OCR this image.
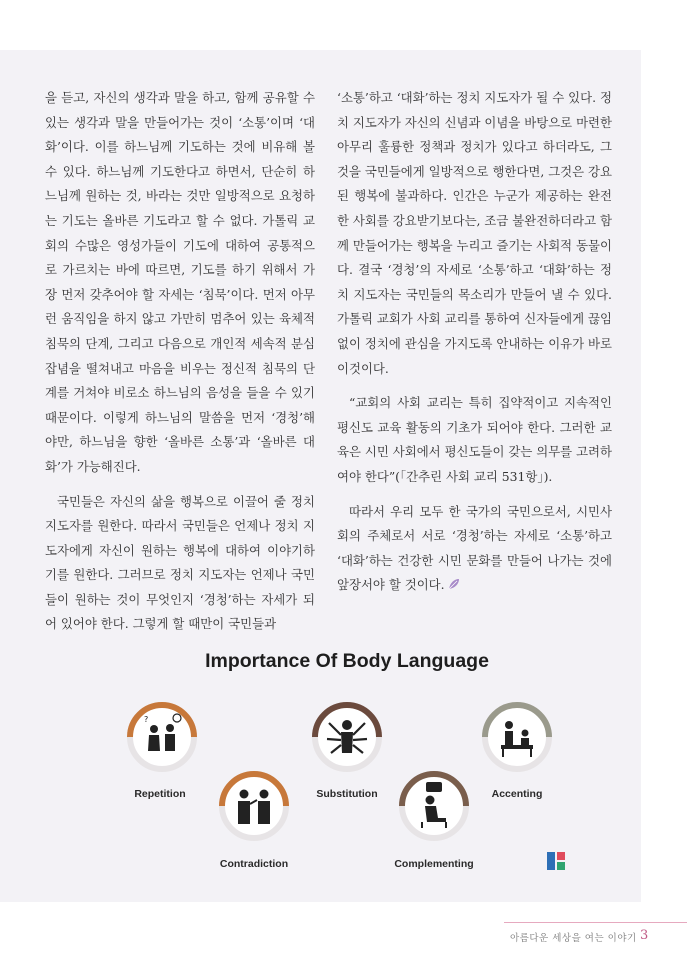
을 듣고, 자신의 생각과 말을 하고, 함께 공유할 수 있는 생각과 말을 만들어가는 것이 ‘소통’이며 ‘대화’이다. 이를 하느님께 기도하는 것에 비유해 볼 수 있다. 하느님께 기도한다고 하면서, 단순히 하느님께 원하는 것, 바라는 것만 일방적으로 요청하는 기도는 올바른 기도라고 할 수 없다. 가톨릭 교회의 수많은 영성가들이 기도에 대하여 공통적으로 가르치는 바에 따르면, 기도를 하기 위해서 가장 먼저 갖추어야 할 자세는 ‘침묵’이다. 먼저 아무런 움직임을 하지 않고 가만히 멈추어 있는 육체적 침묵의 단계, 그리고 다음으로 개인적 세속적 분심 잡념을 떨쳐내고 마음을 비우는 정신적 침묵의 단계를 거쳐야 비로소 하느님의 음성을 들을 수 있기 때문이다. 이렇게 하느님의 말씀을 먼저 ‘경청’해야만, 하느님을 향한 ‘올바른 소통’과 ‘올바른 대화’가 가능해진다.

국민들은 자신의 삶을 행복으로 이끌어 줄 정치 지도자를 원한다. 따라서 국민들은 언제나 정치 지도자에게 자신이 원하는 행복에 대하여 이야기하기를 원한다. 그러므로 정치 지도자는 언제나 국민들이 원하는 것이 무엇인지 ‘경청’하는 자세가 되어 있어야 한다. 그렇게 할 때만이 국민들과

‘소통’하고 ‘대화’하는 정치 지도자가 될 수 있다. 정치 지도자가 자신의 신념과 이념을 바탕으로 마련한 아무리 훌륭한 정책과 정치가 있다고 하더라도, 그것을 국민들에게 일방적으로 행한다면, 그것은 강요된 행복에 불과하다. 인간은 누군가 제공하는 완전한 사회를 강요받기보다는, 조금 불완전하더라고 함께 만들어가는 행복을 누리고 즐기는 사회적 동물이다. 결국 ‘경청’의 자세로 ‘소통’하고 ‘대화’하는 정치 지도자는 국민들의 목소리가 만들어 낼 수 있다. 가톨릭 교회가 사회 교리를 통하여 신자들에게 끊임없이 정치에 관심을 가지도록 안내하는 이유가 바로 이것이다.

“교회의 사회 교리는 특히 집약적이고 지속적인 평신도 교육 활동의 기초가 되어야 한다. 그러한 교육은 시민 사회에서 평신도들이 갖는 의무를 고려하여야 한다”(「간추린 사회 교리 531항」).

따라서 우리 모두 한 국가의 국민으로서, 시민사회의 주체로서 서로 ‘경청’하는 자세로 ‘소통’하고 ‘대화’하는 건강한 시민 문화를 만들어 나가는 것에 앞장서야 할 것이다.

Importance Of Body Language
?
Repetition
Contradiction
Substitution
Complementing
Accenting
아름다운 세상을 여는 이야기 3
